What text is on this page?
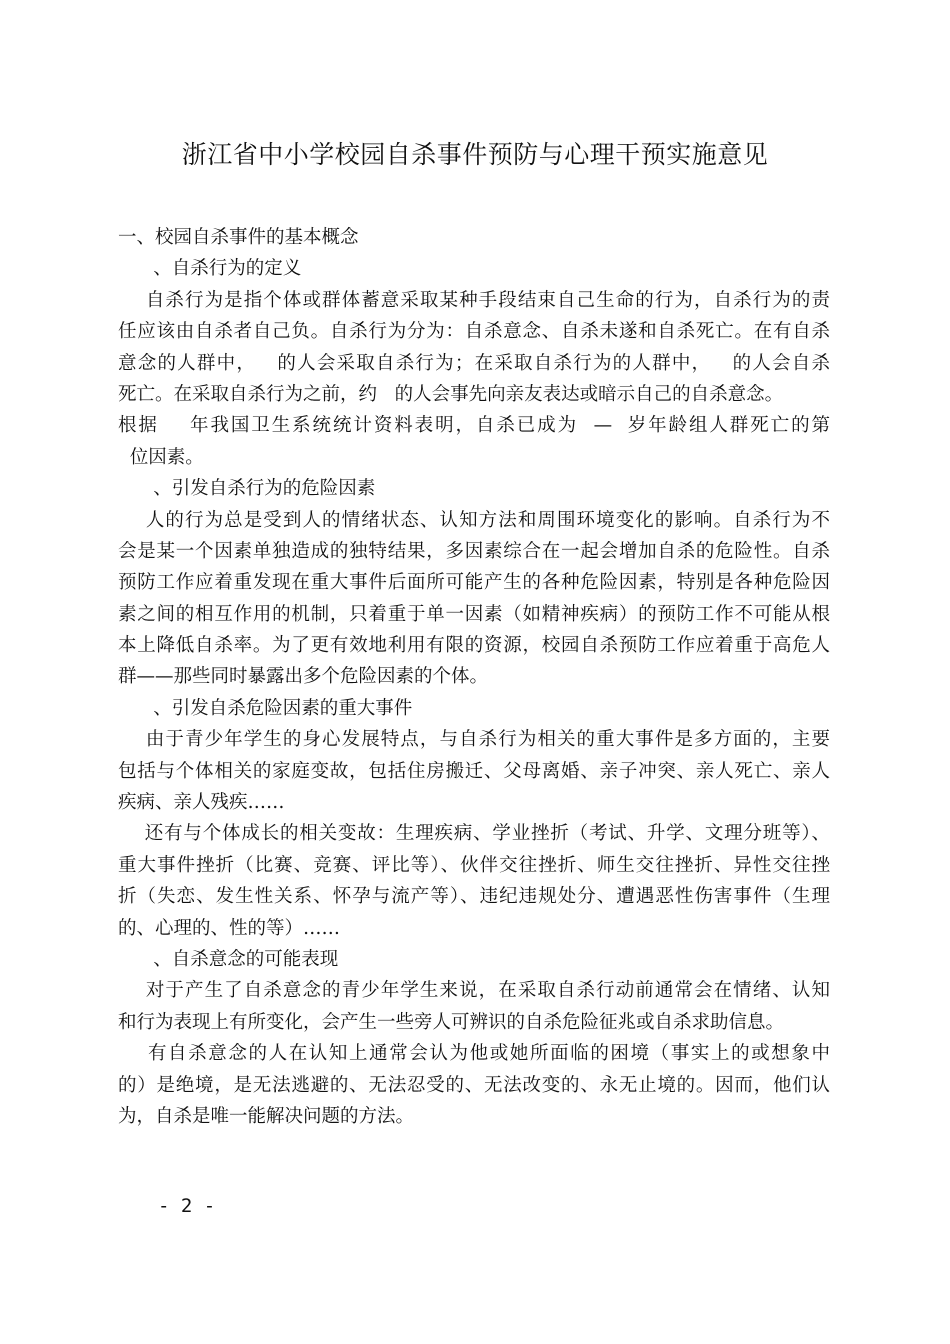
浙江省中小学校园自杀事件预防与心理干预实施意见
一、校园自杀事件的基本概念
、自杀行为的定义
自杀行为是指个体或群体蓄意采取某种手段结束自己生命的行为，自杀行为的责
任应该由自杀者自己负。自杀行为分为：自杀意念、自杀未遂和自杀死亡。在有自杀
意念的人群中，   的人会采取自杀行为；在采取自杀行为的人群中，   的人会自杀
死亡。在采取自杀行为之前，约   的人会事先向亲友表达或暗示自己的自杀意念。
根据    年我国卫生系统统计资料表明，自杀已成为  —  岁年龄组人群死亡的第
位因素。
、引发自杀行为的危险因素
人的行为总是受到人的情绪状态、认知方法和周围环境变化的影响。自杀行为不
会是某一个因素单独造成的独特结果，多因素综合在一起会增加自杀的危险性。自杀
预防工作应着重发现在重大事件后面所可能产生的各种危险因素，特别是各种危险因
素之间的相互作用的机制，只着重于单一因素（如精神疾病）的预防工作不可能从根
本上降低自杀率。为了更有效地利用有限的资源，校园自杀预防工作应着重于高危人
群——那些同时暴露出多个危险因素的个体。
、引发自杀危险因素的重大事件
由于青少年学生的身心发展特点，与自杀行为相关的重大事件是多方面的，主要
包括与个体相关的家庭变故，包括住房搬迁、父母离婚、亲子冲突、亲人死亡、亲人
疾病、亲人残疾……
还有与个体成长的相关变故：生理疾病、学业挫折（考试、升学、文理分班等）、
重大事件挫折（比赛、竞赛、评比等）、伙伴交往挫折、师生交往挫折、异性交往挫
折（失恋、发生性关系、怀孕与流产等）、违纪违规处分、遭遇恶性伤害事件（生理
的、心理的、性的等）……
、自杀意念的可能表现
对于产生了自杀意念的青少年学生来说，在采取自杀行动前通常会在情绪、认知
和行为表现上有所变化，会产生一些旁人可辨识的自杀危险征兆或自杀求助信息。
有自杀意念的人在认知上通常会认为他或她所面临的困境（事实上的或想象中
的）是绝境，是无法逃避的、无法忍受的、无法改变的、永无止境的。因而，他们认
为，自杀是唯一能解决问题的方法。
- 2 -
